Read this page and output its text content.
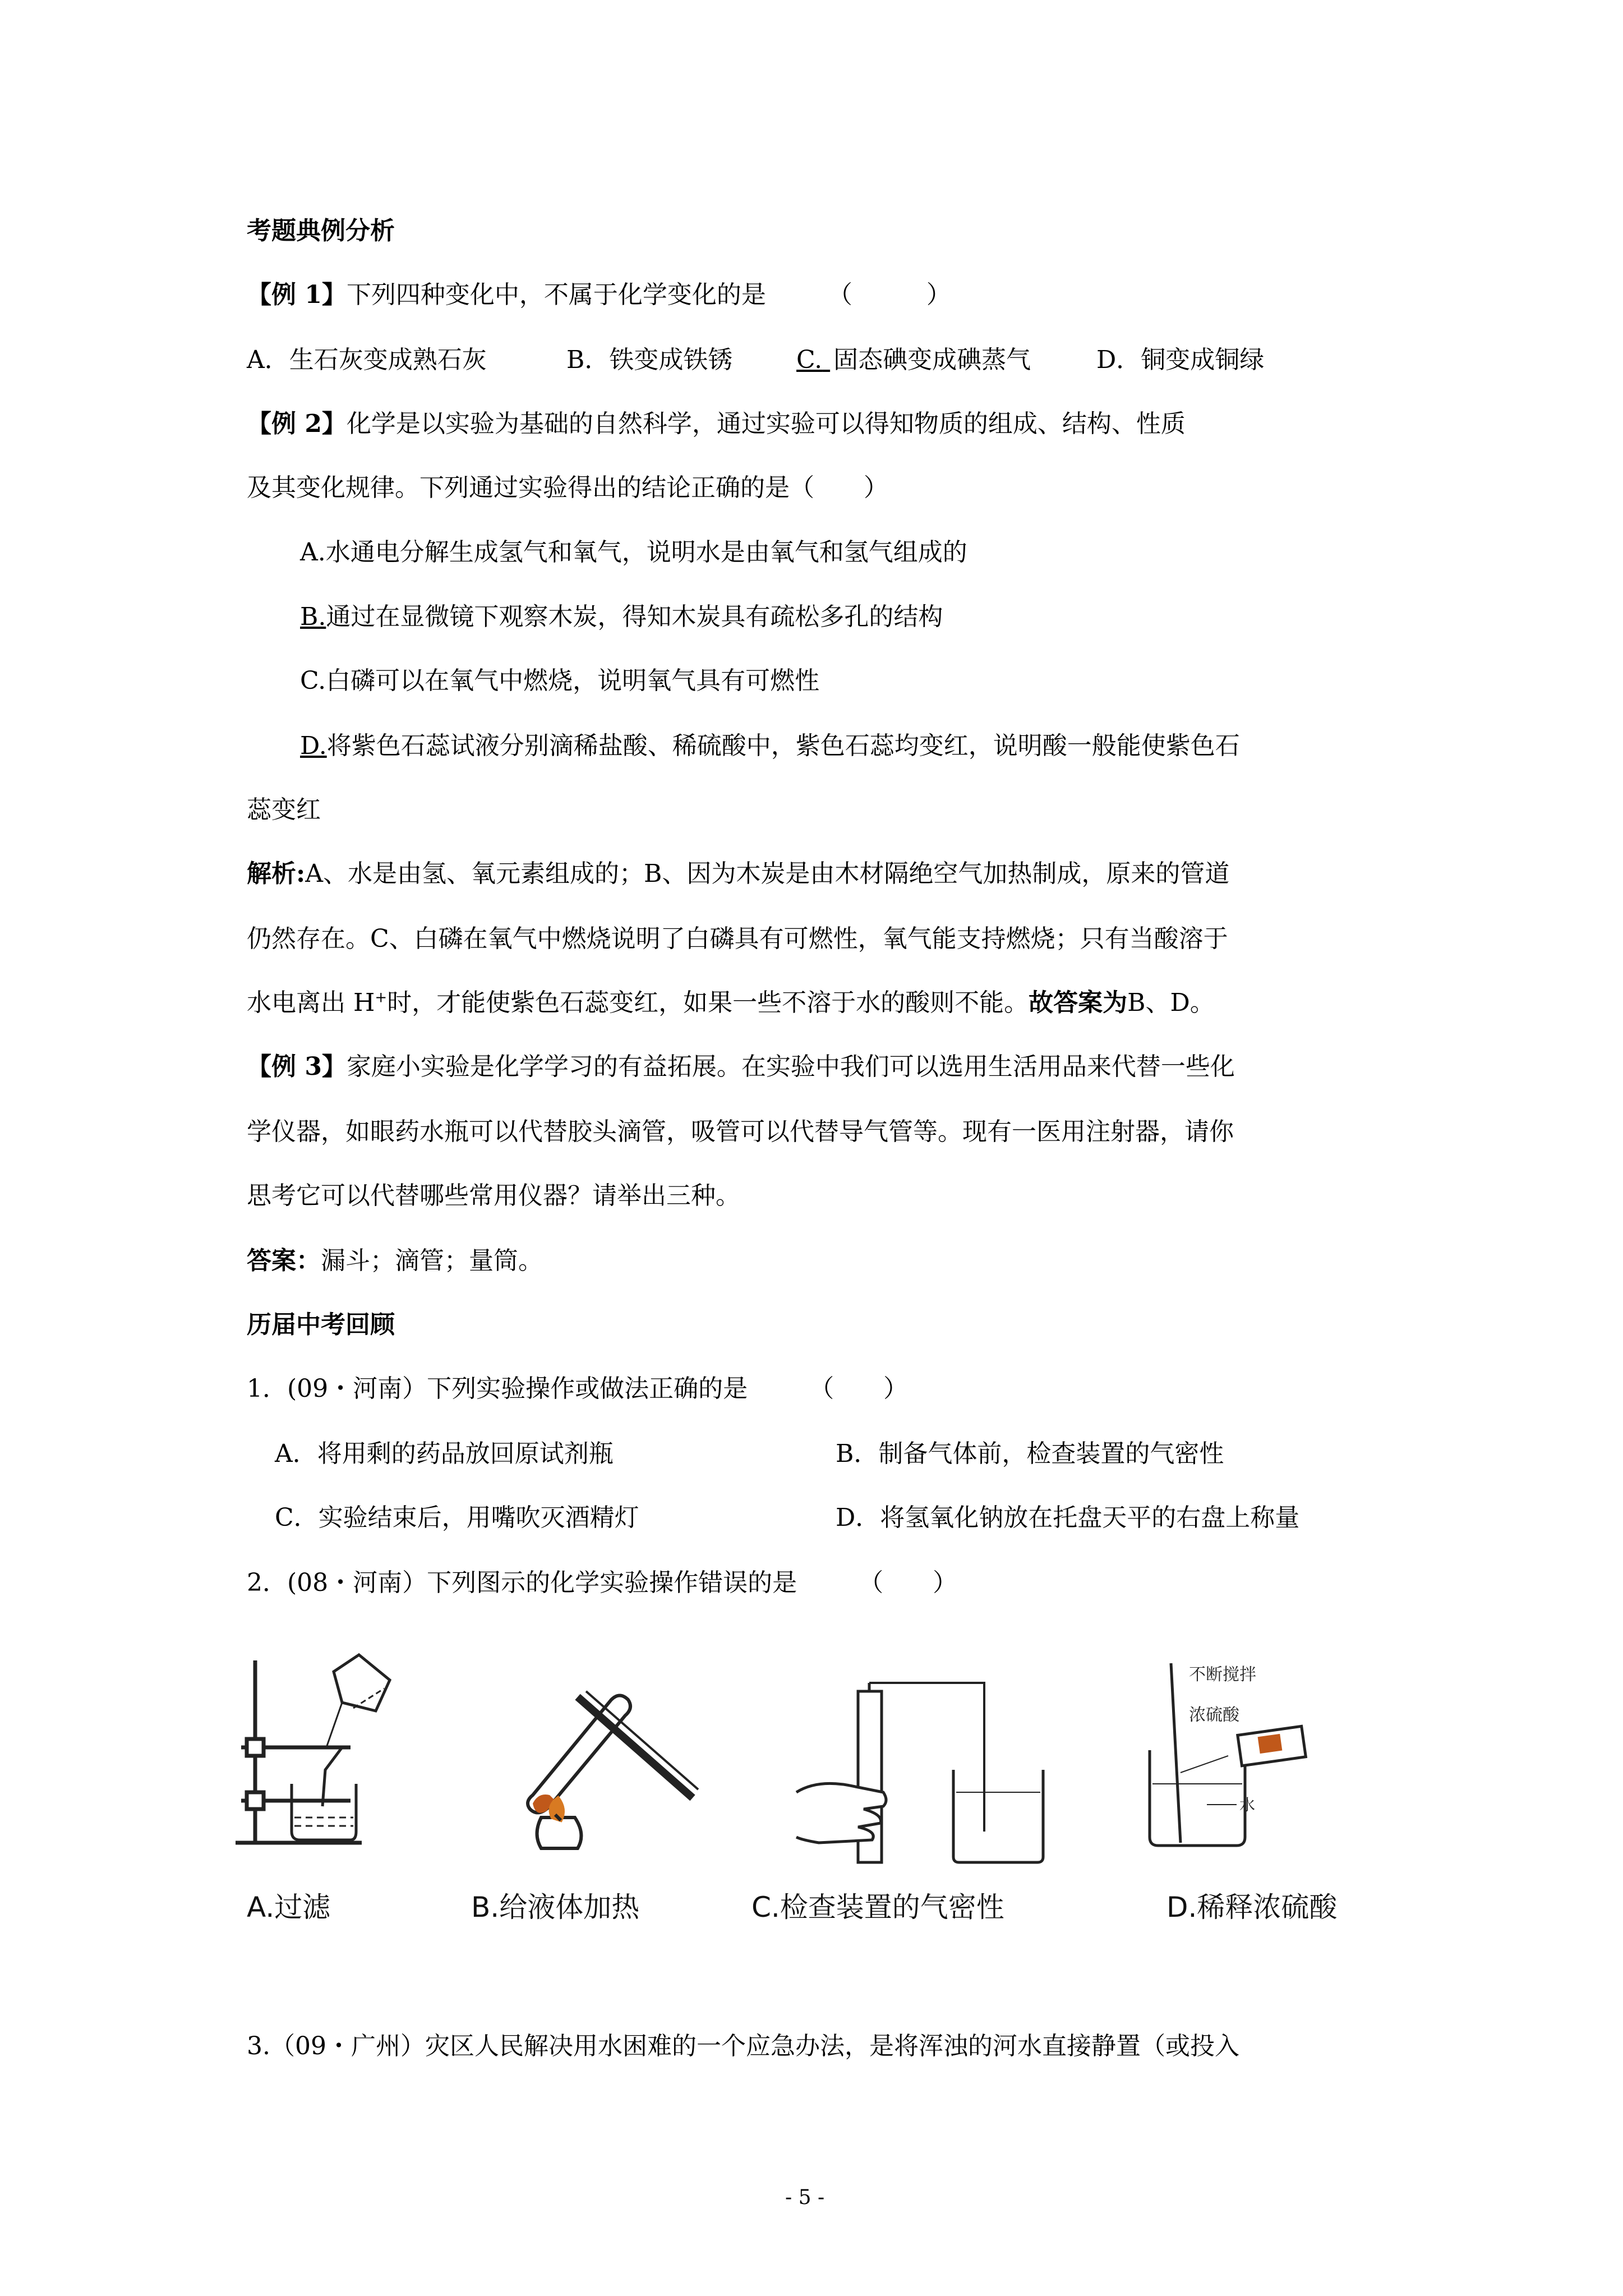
考题典例分析
【例 1】下列四种变化中，不属于化学变化的是　　　（　　　）
A．生石灰变成熟石灰	B．铁变成铁锈	C. 固态碘变成碘蒸气	D．铜变成铜绿
【例 2】化学是以实验为基础的自然科学，通过实验可以得知物质的组成、结构、性质
及其变化规律。下列通过实验得出的结论正确的是（　　）
A.水通电分解生成氢气和氧气，说明水是由氧气和氢气组成的
B.通过在显微镜下观察木炭，得知木炭具有疏松多孔的结构
C.白磷可以在氧气中燃烧，说明氧气具有可燃性
D.将紫色石蕊试液分别滴稀盐酸、稀硫酸中，紫色石蕊均变红，说明酸一般能使紫色石
蕊变红
解析:A、水是由氢、氧元素组成的；B、因为木炭是由木材隔绝空气加热制成，原来的管道
仍然存在。C、白磷在氧气中燃烧说明了白磷具有可燃性，氧气能支持燃烧；只有当酸溶于
水电离出 H+时，才能使紫色石蕊变红，如果一些不溶于水的酸则不能。故答案为B、D。
【例 3】家庭小实验是化学学习的有益拓展。在实验中我们可以选用生活用品来代替一些化
学仪器，如眼药水瓶可以代替胶头滴管，吸管可以代替导气管等。现有一医用注射器，请你
思考它可以代替哪些常用仪器？请举出三种。
答案：漏斗；滴管；量筒。
历届中考回顾
1．(09・河南）下列实验操作或做法正确的是　　　（　　）
A．将用剩的药品放回原试剂瓶	B．制备气体前，检查装置的气密性
C．实验结束后，用嘴吹灭酒精灯	D．将氢氧化钠放在托盘天平的右盘上称量
2．(08・河南）下列图示的化学实验操作错误的是　　　（　　）
A.过滤	B.给液体加热	C.检查装置的气密性
不断搅拌
浓硫酸
水
D.稀释浓硫酸
3.（09・广州）灾区人民解决用水困难的一个应急办法，是将浑浊的河水直接静置（或投入
- 5 -
